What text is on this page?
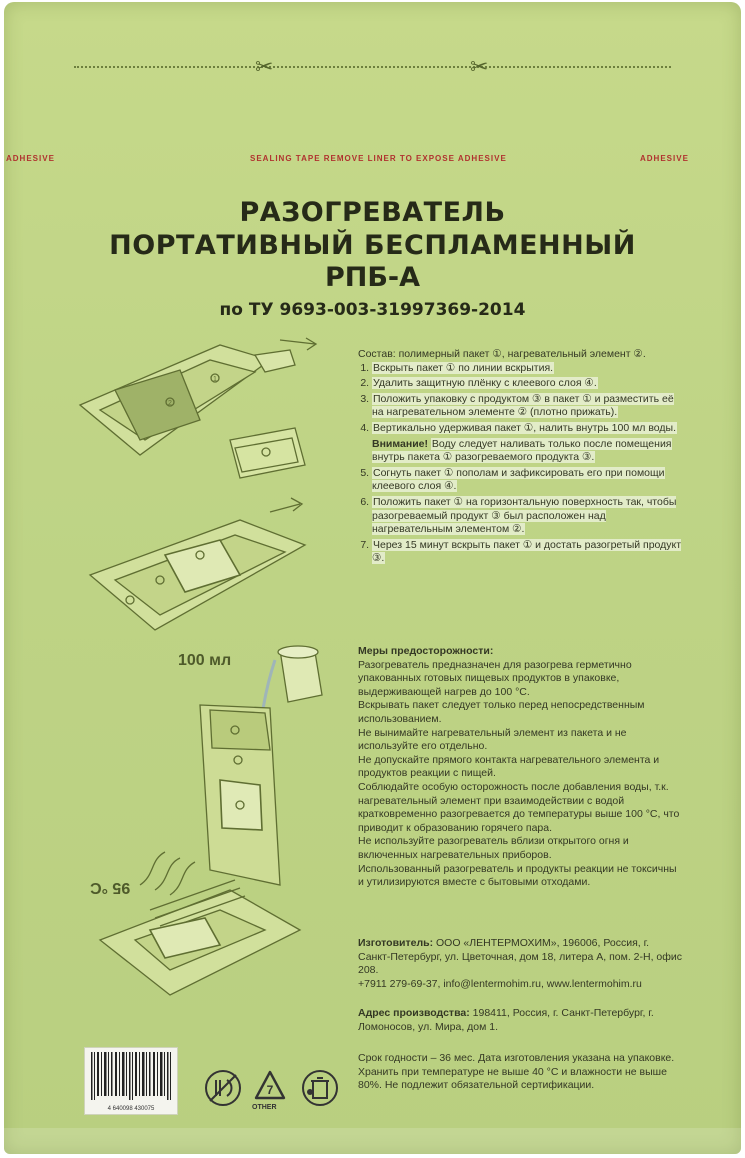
✂	✂
ADHESIVE	SEALING TAPE REMOVE LINER TO EXPOSE ADHESIVE	ADHESIVE
РАЗОГРЕВАТЕЛЬ
ПОРТАТИВНЫЙ БЕСПЛАМЕННЫЙ
РПБ-А
по ТУ 9693-003-31997369-2014
2
1
100 мл
95 °С

Состав: полимерный пакет ①, нагревательный элемент ②.

1. Вскрыть пакет ① по линии вскрытия.
2. Удалить защитную плёнку с клеевого слоя ④.
3. Положить упаковку с продуктом ③ в пакет ① и разместить её на нагревательном элементе ② (плотно прижать).
4. Вертикально удерживая пакет ①, налить внутрь 100 мл воды.

Внимание! Воду следует наливать только после помещения внутрь пакета ① разогреваемого продукта ③.

5. Согнуть пакет ① пополам и зафиксировать его при помощи клеевого слоя ④.
6. Положить пакет ① на горизонтальную поверхность так, чтобы разогреваемый продукт ③ был расположен над нагревательным элементом ②.
7. Через 15 минут вскрыть пакет ① и достать разогретый продукт ③.

Меры предосторожности:

Разогреватель предназначен для разогрева герметично упакованных готовых пищевых продуктов в упаковке, выдерживающей нагрев до 100 °С.

Вскрывать пакет следует только перед непосредственным использованием.

Не вынимайте нагревательный элемент из пакета и не используйте его отдельно.

Не допускайте прямого контакта нагревательного элемента и продуктов реакции с пищей.

Соблюдайте особую осторожность после добавления воды, т.к. нагревательный элемент при взаимодействии с водой кратковременно разогревается до температуры выше 100 °С, что приводит к образованию горячего пара.

Не используйте разогреватель вблизи открытого огня и включенных нагревательных приборов.

Использованный разогреватель и продукты реакции не токсичны и утилизируются вместе с бытовыми отходами.

Изготовитель: ООО «ЛЕНТЕРМОХИМ», 196006, Россия, г. Санкт-Петербург, ул. Цветочная, дом 18, литера А, пом. 2-Н, офис 208.

+7911 279-69-37, info@lentermohim.ru, www.lentermohim.ru

Адрес производства: 198411, Россия, г. Санкт-Петербург, г. Ломоносов, ул. Мира, дом 1.

Срок годности – 36 мес. Дата изготовления указана на упаковке. Хранить при температуре не выше 40 °С и влажности не выше 80%. Не подлежит обязательной сертификации.

4 640098 430075
7
OTHER
